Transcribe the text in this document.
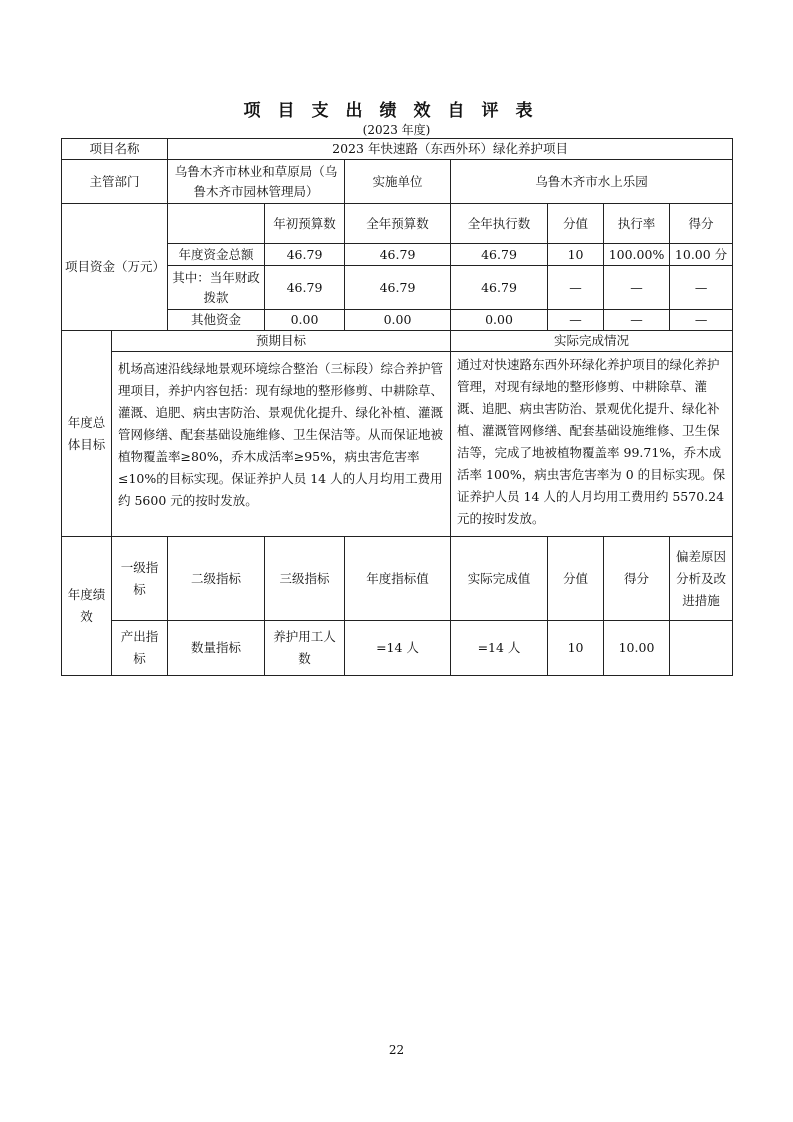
项目支出绩效自评表
(2023 年度)
项目名称		2023 年快速路（东西外环）绿化养护项目						
主管部门		乌鲁木齐市林业和草原局（乌鲁木齐市园林管理局）		实施单位	乌鲁木齐市水上乐园			
项目资金（万元）			年初预算数	全年预算数	全年执行数	分值	执行率	得分
		年度资金总额	46.79	46.79	46.79	10	100.00%	10.00 分
		其中：当年财政拨款	46.79	46.79	46.79	—	—	—
		其他资金	0.00	0.00	0.00	—	—	—
年度总体目标	预期目标				实际完成情况			
	机场高速沿线绿地景观环境综合整治（三标段）综合养护管理项目，养护内容包括：现有绿地的整形修剪、中耕除草、灌溉、追肥、病虫害防治、景观优化提升、绿化补植、灌溉管网修缮、配套基础设施维修、卫生保洁等。从而保证地被植物覆盖率≥80%，乔木成活率≥95%，病虫害危害率≤10%的目标实现。保证养护人员 14 人的人月均用工费用约 5600 元的按时发放。				通过对快速路东西外环绿化养护项目的绿化养护管理，对现有绿地的整形修剪、中耕除草、灌溉、追肥、病虫害防治、景观优化提升、绿化补植、灌溉管网修缮、配套基础设施维修、卫生保洁等，完成了地被植物覆盖率 99.71%，乔木成活率 100%，病虫害危害率为 0 的目标实现。保证养护人员 14 人的人月均用工费用约 5570.24 元的按时发放。			
年度绩效	一级指标	二级指标	三级指标	年度指标值	实际完成值	分值	得分	偏差原因分析及改进措施
	产出指标	数量指标	养护用工人数	=14 人	=14 人	10	10.00	
22
